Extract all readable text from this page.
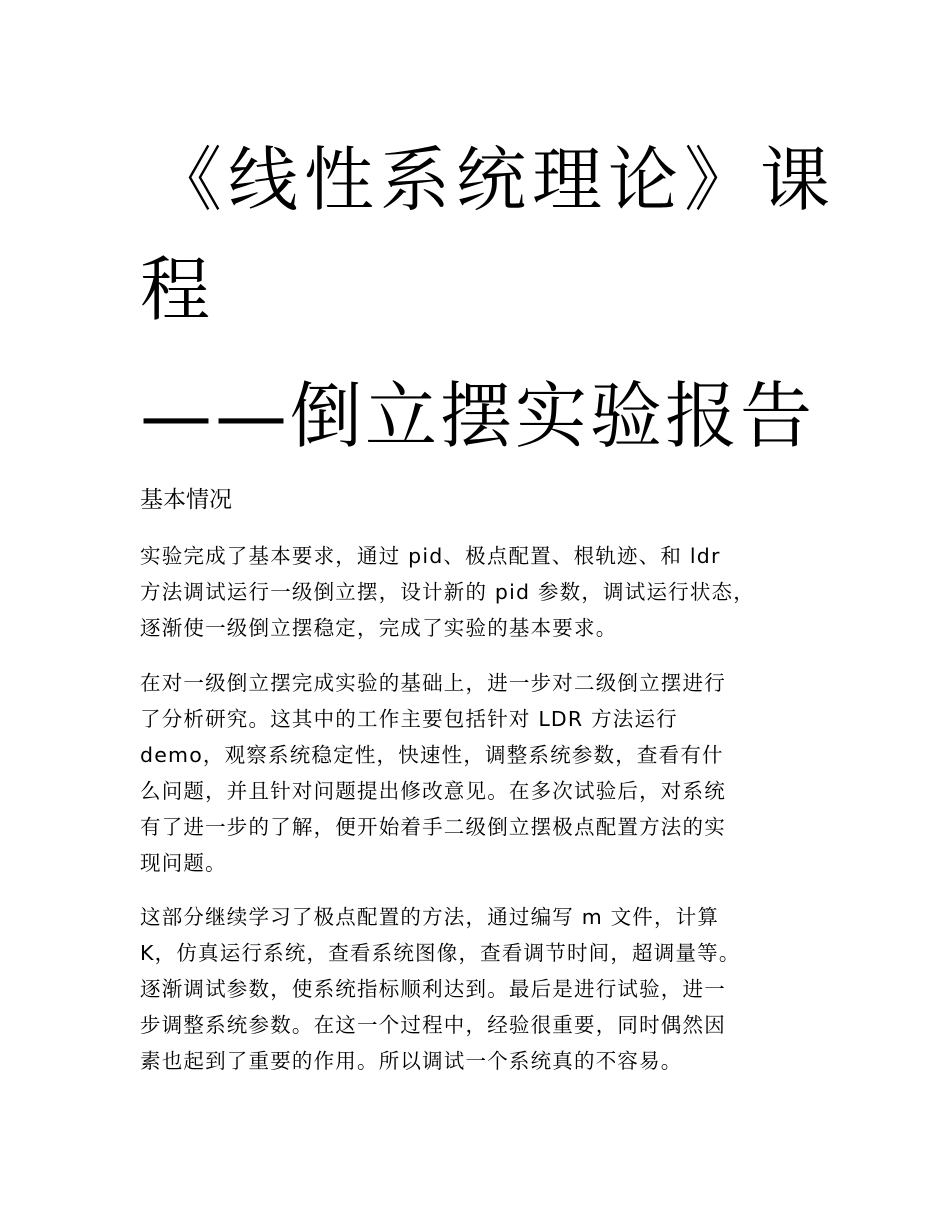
《线性系统理论》课
程
——倒立摆实验报告
基本情况

实验完成了基本要求，通过 pid、极点配置、根轨迹、和 ldr
方法调试运行一级倒立摆，设计新的 pid 参数，调试运行状态，
逐渐使一级倒立摆稳定，完成了实验的基本要求。

在对一级倒立摆完成实验的基础上，进一步对二级倒立摆进行
了分析研究。这其中的工作主要包括针对 LDR 方法运行
demo，观察系统稳定性，快速性，调整系统参数，查看有什
么问题，并且针对问题提出修改意见。在多次试验后，对系统
有了进一步的了解，便开始着手二级倒立摆极点配置方法的实
现问题。

这部分继续学习了极点配置的方法，通过编写 m 文件，计算
K，仿真运行系统，查看系统图像，查看调节时间，超调量等。
逐渐调试参数，使系统指标顺利达到。最后是进行试验，进一
步调整系统参数。在这一个过程中，经验很重要，同时偶然因
素也起到了重要的作用。所以调试一个系统真的不容易。
